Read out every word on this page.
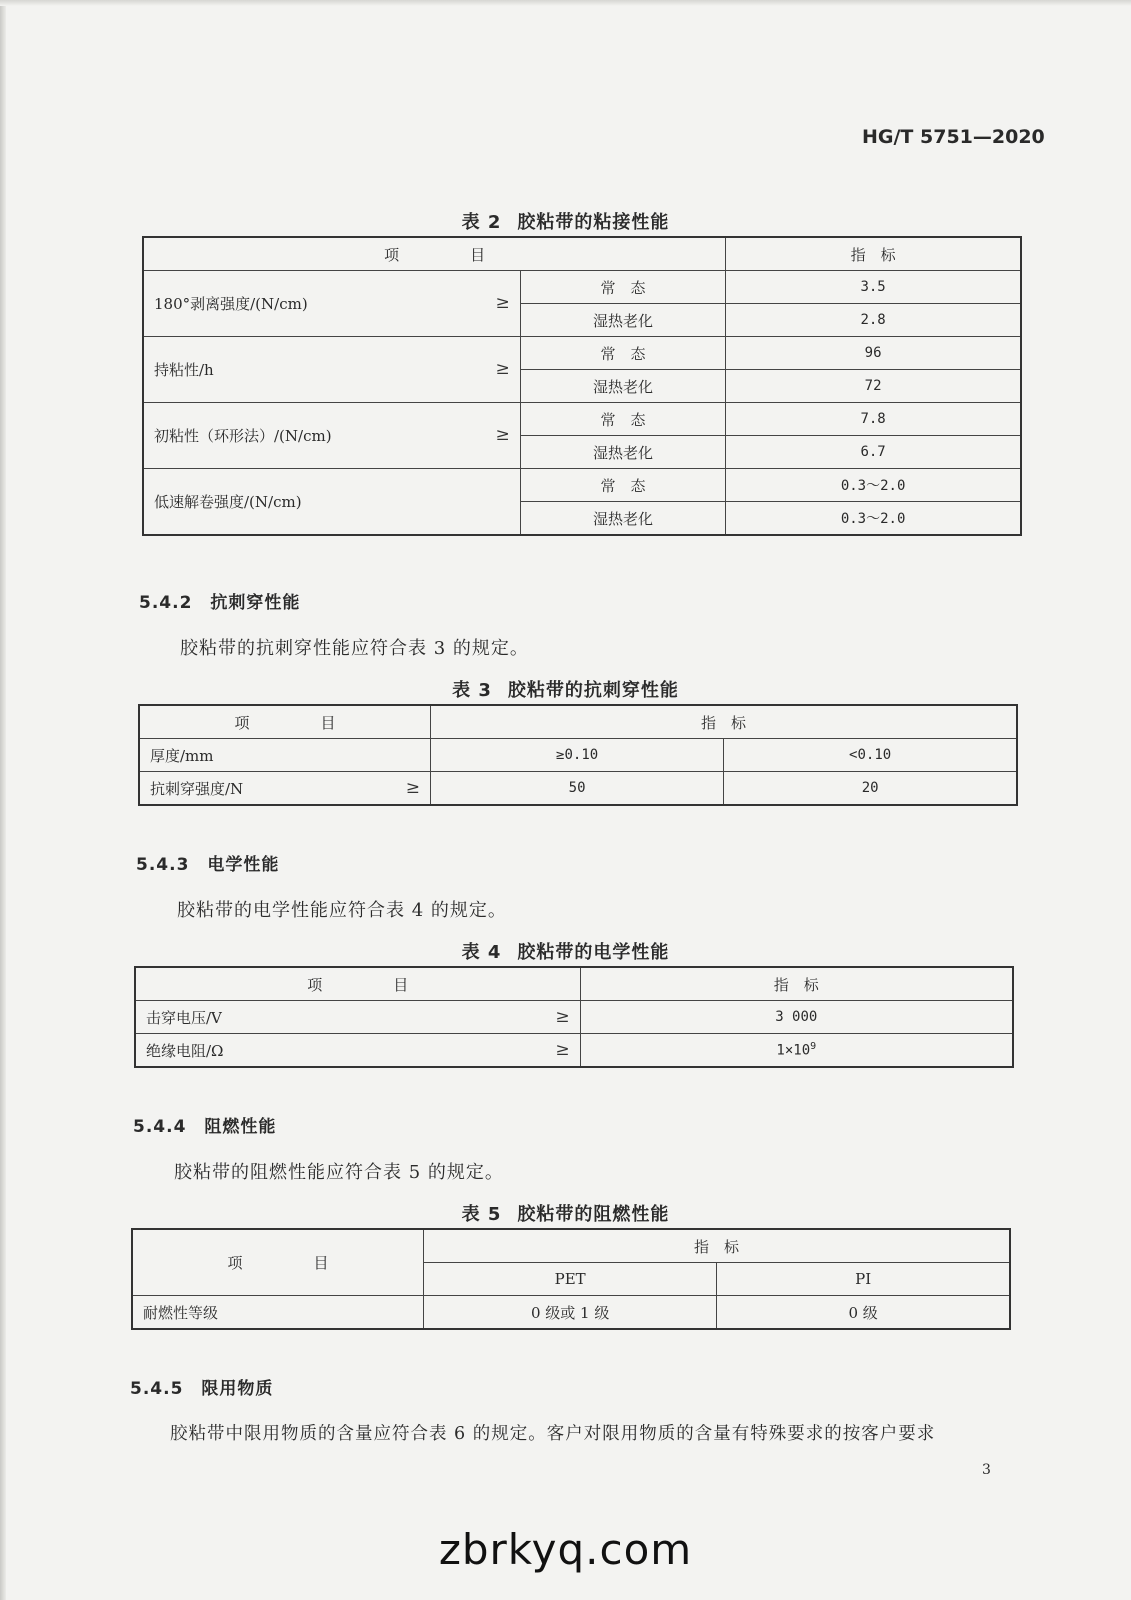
HG/T 5751—2020
表 2 胶粘带的粘接性能
项　目		指　标
180°剥离强度/(N/cm) ≥	常　态	3.5
	湿热老化	2.8
持粘性/h ≥	常　态	96
	湿热老化	72
初粘性（环形法）/(N/cm) ≥	常　态	7.8
	湿热老化	6.7
低速解卷强度/(N/cm)	常　态	0.3～2.0
	湿热老化	0.3～2.0
5.4.2 抗刺穿性能
胶粘带的抗刺穿性能应符合表 3 的规定。
表 3 胶粘带的抗刺穿性能
项　目	指　标	
厚度/mm	≥0.10	<0.10
抗刺穿强度/N ≥	50	20
5.4.3 电学性能
胶粘带的电学性能应符合表 4 的规定。
表 4 胶粘带的电学性能
项　目	指　标
击穿电压/V ≥	3 000
绝缘电阻/Ω ≥	$1\times 10^9$
5.4.4 阻燃性能
胶粘带的阻燃性能应符合表 5 的规定。
表 5 胶粘带的阻燃性能
项　目	指　标	
	PET	PI
耐燃性等级	0 级或 1 级	0 级
5.4.5 限用物质
胶粘带中限用物质的含量应符合表 6 的规定。客户对限用物质的含量有特殊要求的按客户要求
3
zbrkyq.com
